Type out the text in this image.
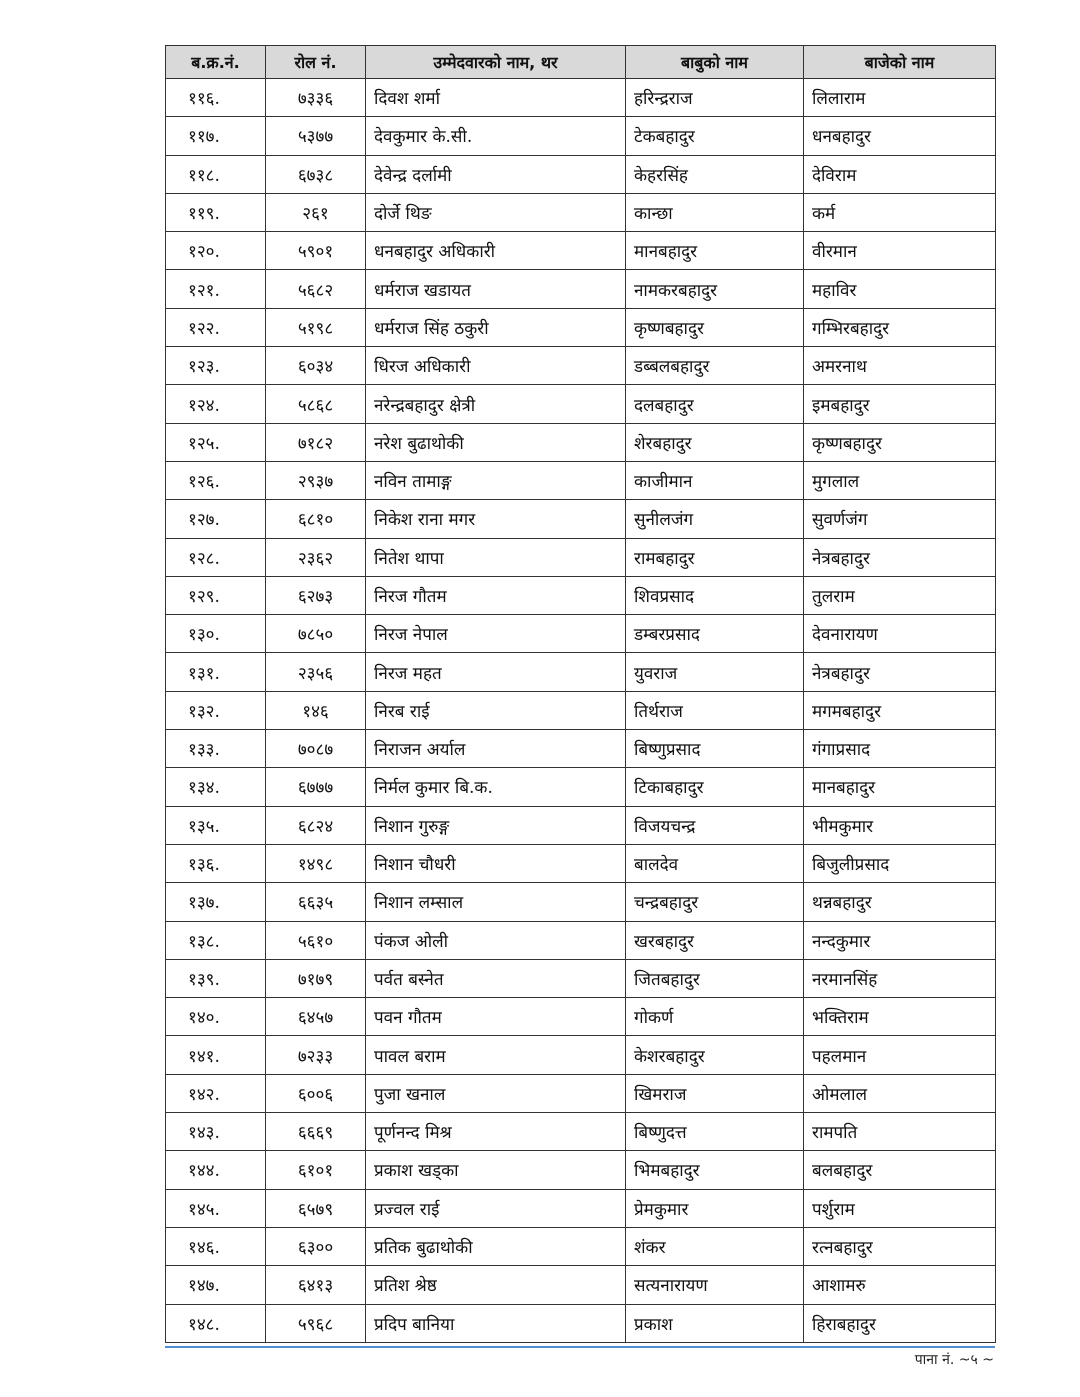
ब.क्र.नं.	रोल नं.	उम्मेदवारको नाम, थर	बाबुको नाम	बाजेको नाम
११६.	७३३६	दिवश शर्मा	हरिन्द्रराज	लिलाराम
११७.	५३७७	देवकुमार के.सी.	टेकबहादुर	धनबहादुर
११८.	६७३८	देवेन्द्र दर्लामी	केहरसिंह	देविराम
११९.	२६१	दोर्जे थिङ	कान्छा	कर्म
१२०.	५९०१	धनबहादुर अधिकारी	मानबहादुर	वीरमान
१२१.	५६८२	धर्मराज खडायत	नामकरबहादुर	महाविर
१२२.	५१९८	धर्मराज सिंह ठकुरी	कृष्णबहादुर	गम्भिरबहादुर
१२३.	६०३४	धिरज अधिकारी	डब्बलबहादुर	अमरनाथ
१२४.	५८६८	नरेन्द्रबहादुर क्षेत्री	दलबहादुर	इमबहादुर
१२५.	७१८२	नरेश बुढाथोकी	शेरबहादुर	कृष्णबहादुर
१२६.	२९३७	नविन तामाङ्ग	काजीमान	मुगलाल
१२७.	६८१०	निकेश राना मगर	सुनीलजंग	सुवर्णजंग
१२८.	२३६२	नितेश थापा	रामबहादुर	नेत्रबहादुर
१२९.	६२७३	निरज गौतम	शिवप्रसाद	तुलराम
१३०.	७८५०	निरज नेपाल	डम्बरप्रसाद	देवनारायण
१३१.	२३५६	निरज महत	युवराज	नेत्रबहादुर
१३२.	१४६	निरब राई	तिर्थराज	मगमबहादुर
१३३.	७०८७	निराजन अर्याल	बिष्णुप्रसाद	गंगाप्रसाद
१३४.	६७७७	निर्मल कुमार बि.क.	टिकाबहादुर	मानबहादुर
१३५.	६८२४	निशान गुरुङ्ग	विजयचन्द्र	भीमकुमार
१३६.	१४९८	निशान चौधरी	बालदेव	बिजुलीप्रसाद
१३७.	६६३५	निशान लम्साल	चन्द्रबहादुर	थन्नबहादुर
१३८.	५६१०	पंकज ओली	खरबहादुर	नन्दकुमार
१३९.	७१७९	पर्वत बस्नेत	जितबहादुर	नरमानसिंह
१४०.	६४५७	पवन गौतम	गोकर्ण	भक्तिराम
१४१.	७२३३	पावल बराम	केशरबहादुर	पहलमान
१४२.	६००६	पुजा खनाल	खिमराज	ओमलाल
१४३.	६६६९	पूर्णनन्द मिश्र	बिष्णुदत्त	रामपति
१४४.	६१०१	प्रकाश खड्का	भिमबहादुर	बलबहादुर
१४५.	६५७९	प्रज्वल राई	प्रेमकुमार	पर्शुराम
१४६.	६३००	प्रतिक बुढाथोकी	शंकर	रत्नबहादुर
१४७.	६४१३	प्रतिश श्रेष्ठ	सत्यनारायण	आशामरु
१४८.	५९६८	प्रदिप बानिया	प्रकाश	हिराबहादुर
पाना नं. ~५ ~
